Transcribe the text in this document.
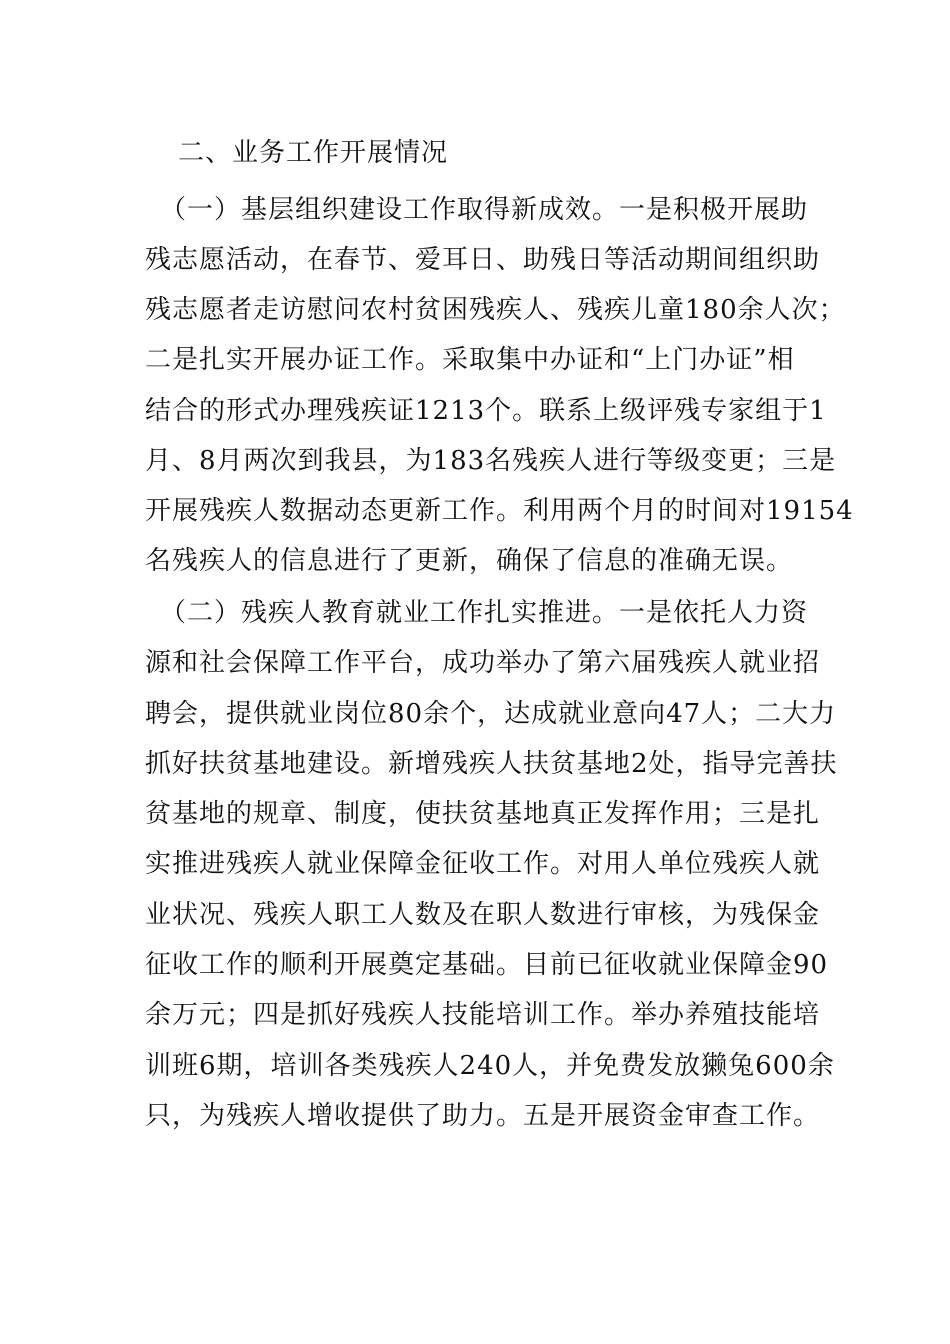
二、业务工作开展情况
（一）基层组织建设工作取得新成效。一是积极开展助
残志愿活动，在春节、爱耳日、助残日等活动期间组织助
残志愿者走访慰问农村贫困残疾人、残疾儿童180余人次；
二是扎实开展办证工作。采取集中办证和“上门办证”相
结合的形式办理残疾证1213个。联系上级评残专家组于1
月、8月两次到我县，为183名残疾人进行等级变更；三是
开展残疾人数据动态更新工作。利用两个月的时间对19154
名残疾人的信息进行了更新，确保了信息的准确无误。
（二）残疾人教育就业工作扎实推进。一是依托人力资
源和社会保障工作平台，成功举办了第六届残疾人就业招
聘会，提供就业岗位80余个，达成就业意向47人；二大力
抓好扶贫基地建设。新增残疾人扶贫基地2处，指导完善扶
贫基地的规章、制度，使扶贫基地真正发挥作用；三是扎
实推进残疾人就业保障金征收工作。对用人单位残疾人就
业状况、残疾人职工人数及在职人数进行审核，为残保金
征收工作的顺利开展奠定基础。目前已征收就业保障金90
余万元；四是抓好残疾人技能培训工作。举办养殖技能培
训班6期，培训各类残疾人240人，并免费发放獭兔600余
只，为残疾人增收提供了助力。五是开展资金审查工作。
